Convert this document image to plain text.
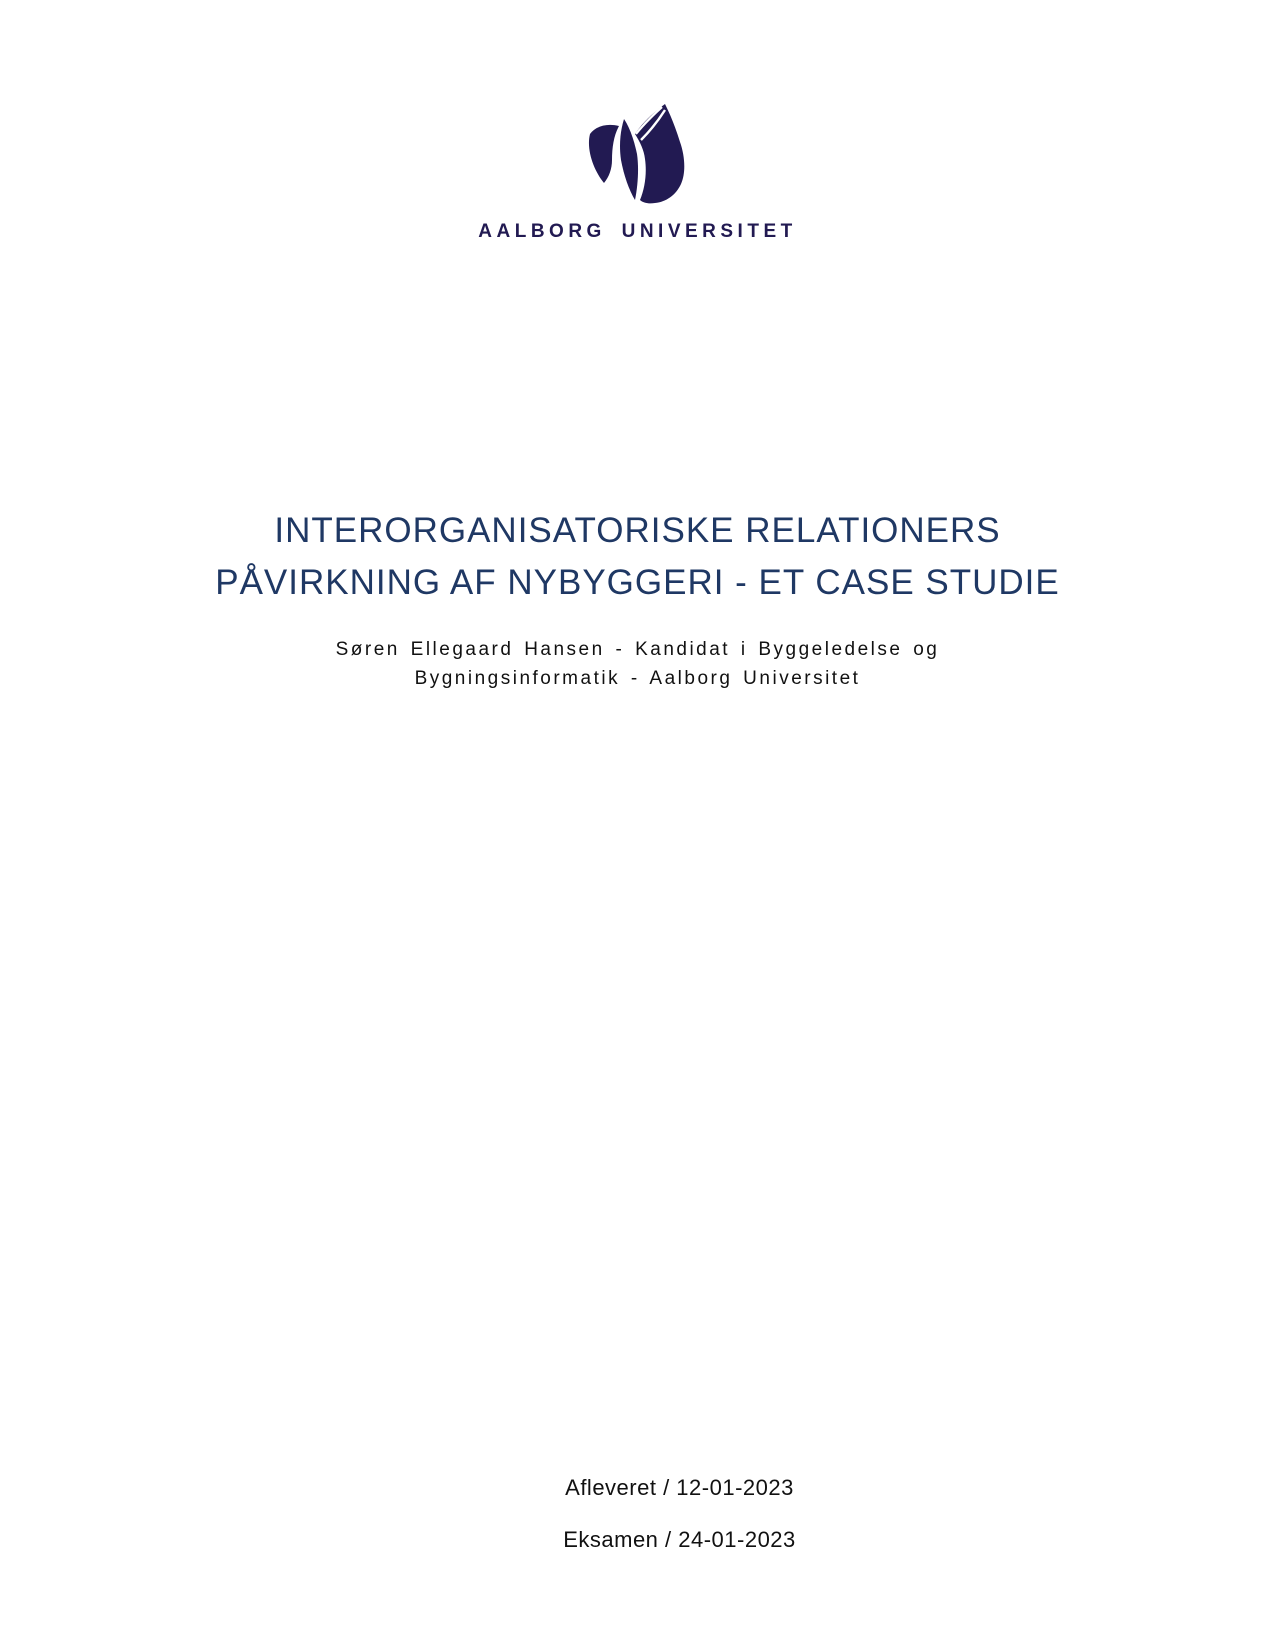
AALBORG UNIVERSITET

INTERORGANISATORISKE RELATIONERS
PÅVIRKNING AF NYBYGGERI - ET CASE STUDIE

Søren Ellegaard Hansen - Kandidat i Byggeledelse og
Bygningsinformatik - Aalborg Universitet

Afleveret / 12-01-2023

Eksamen / 24-01-2023
